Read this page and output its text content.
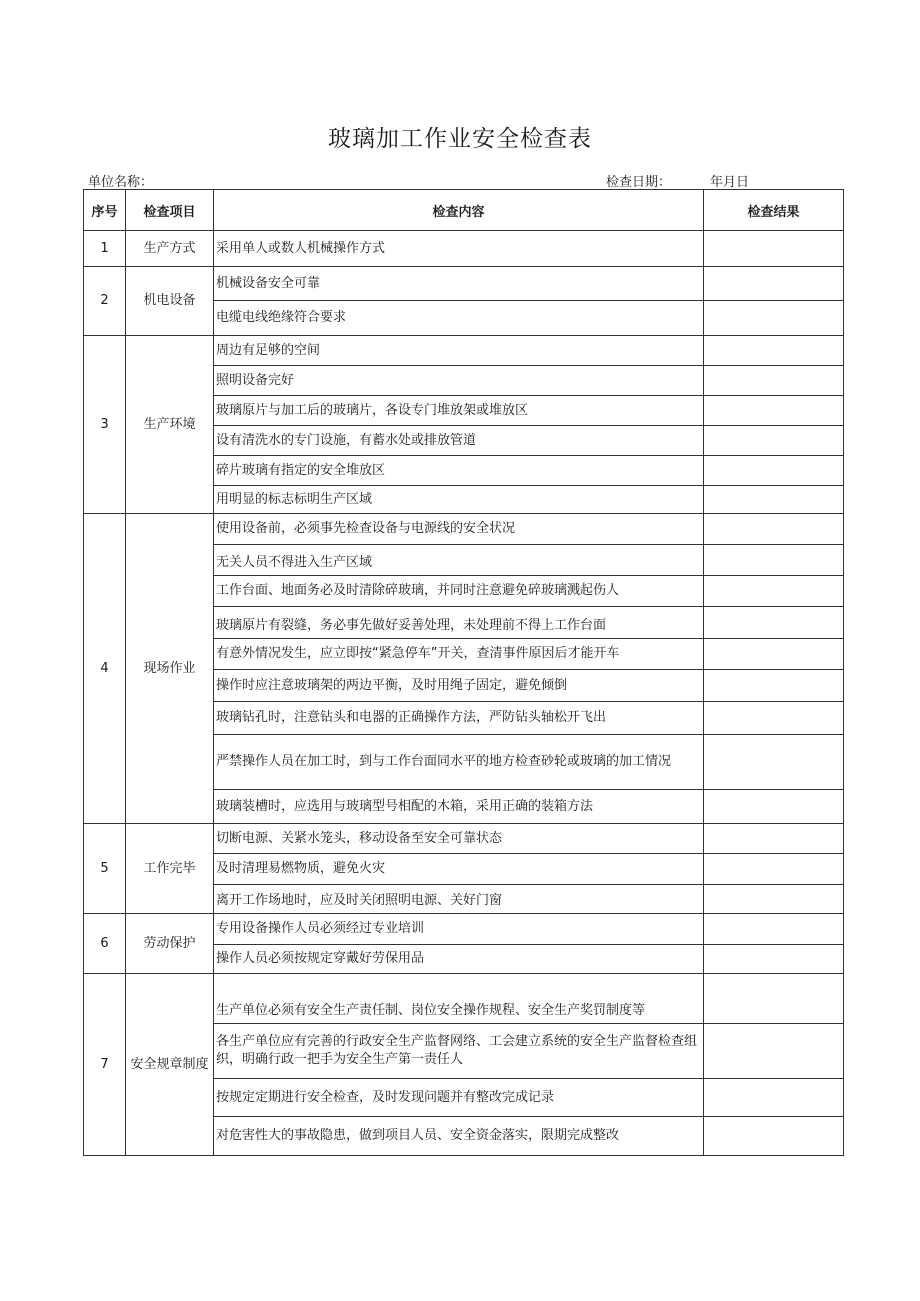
玻璃加工作业安全检查表
单位名称：	检查日期：	年月日
序号	检查项目	检查内容	检查结果
1	生产方式	采用单人或数人机械操作方式	
2	机电设备	机械设备安全可靠	
		电缆电线绝缘符合要求	
3	生产环境	周边有足够的空间	
		照明设备完好	
		玻璃原片与加工后的玻璃片，各设专门堆放架或堆放区	
		设有清洗水的专门设施，有蓄水处或排放管道	
		碎片玻璃有指定的安全堆放区	
		用明显的标志标明生产区域	
4	现场作业	使用设备前，必须事先检查设备与电源线的安全状况	
		无关人员不得进入生产区域	
		工作台面、地面务必及时清除碎玻璃，并同时注意避免碎玻璃溅起伤人	
		玻璃原片有裂缝，务必事先做好妥善处理，未处理前不得上工作台面	
		有意外情况发生，应立即按“紧急停车”开关，查清事件原因后才能开车	
		操作时应注意玻璃架的两边平衡，及时用绳子固定，避免倾倒	
		玻璃钻孔时，注意钻头和电器的正确操作方法，严防钻头轴松开飞出	
		严禁操作人员在加工时，到与工作台面同水平的地方检查砂轮或玻璃的加工情况	
		玻璃装槽时，应选用与玻璃型号相配的木箱，采用正确的装箱方法	
5	工作完毕	切断电源、关紧水笼头，移动设备至安全可靠状态	
		及时清理易燃物质，避免火灾	
		离开工作场地时，应及时关闭照明电源、关好门窗	
6	劳动保护	专用设备操作人员必须经过专业培训	
		操作人员必须按规定穿戴好劳保用品	
7	安全规章制度	生产单位必须有安全生产责任制、岗位安全操作规程、安全生产奖罚制度等	
		各生产单位应有完善的行政安全生产监督网络、工会建立系统的安全生产监督检查组织，明确行政一把手为安全生产第一责任人	
		按规定定期进行安全检查，及时发现问题并有整改完成记录	
		对危害性大的事故隐患，做到项目人员、安全资金落实，限期完成整改	
